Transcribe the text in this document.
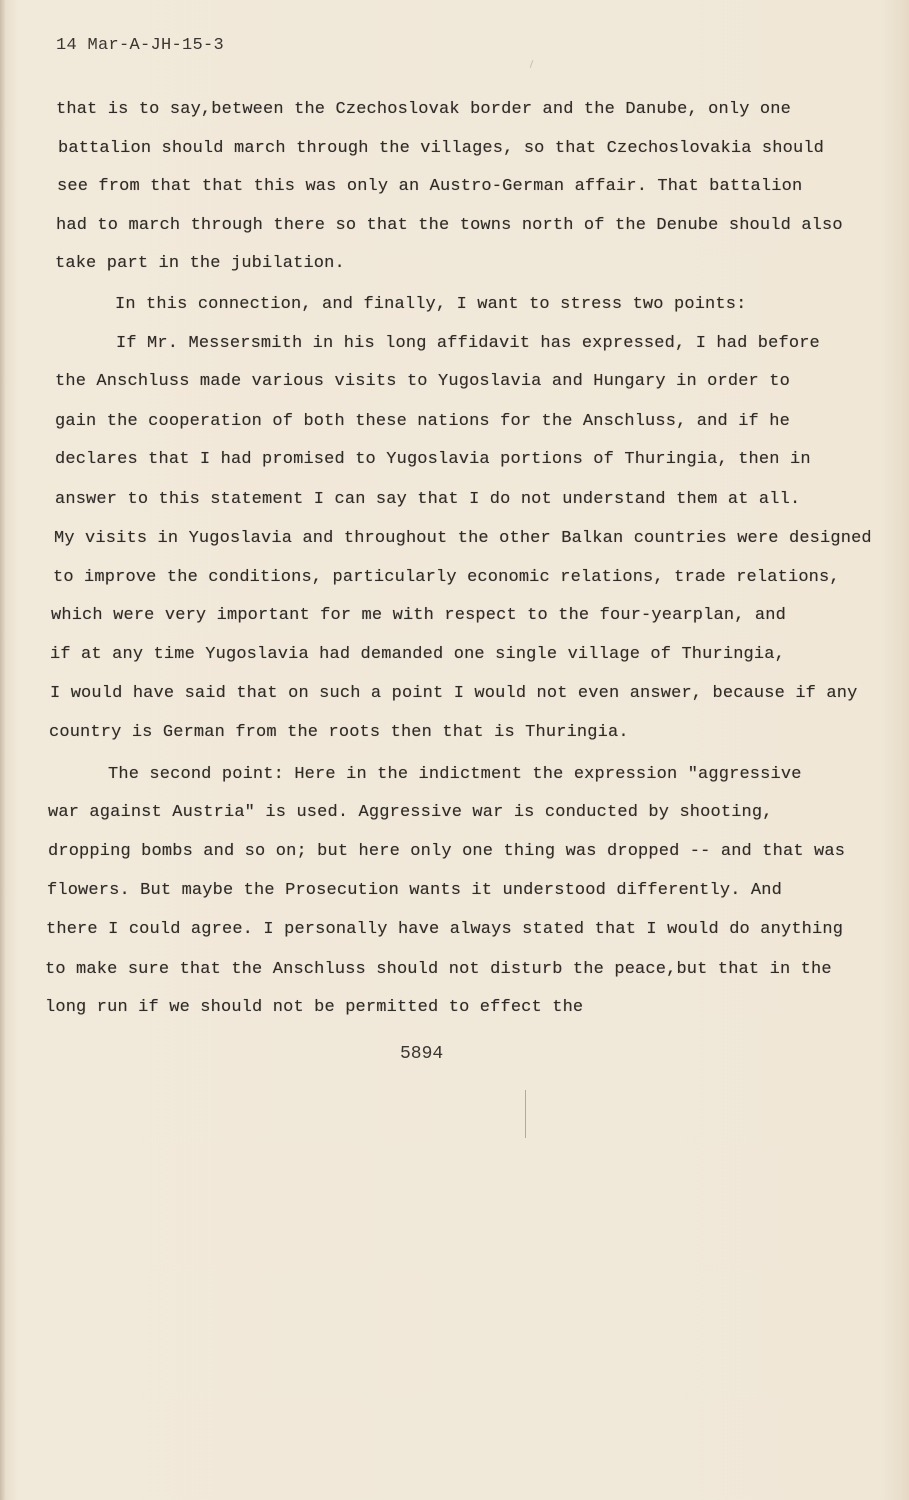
14 Mar-A-JH-15-3
that is to say,between the Czechoslovak border and the Danube, only one
battalion should march through the villages, so that Czechoslovakia should
see from that that this was only an Austro-German affair. That battalion
had to march through there so that the towns north of the Denube should also
take part in the jubilation.
In this connection, and finally, I want to stress two points:
If Mr. Messersmith in his long affidavit has expressed, I had before
the Anschluss made various visits to Yugoslavia and Hungary in order to
gain the cooperation of both these nations for the Anschluss, and if he
declares that I had promised to Yugoslavia portions of Thuringia, then in
answer to this statement I can say that I do not understand them at all.
My visits in Yugoslavia and throughout the other Balkan countries were designed
to improve the conditions, particularly economic relations, trade relations,
which were very important for me with respect to the four-yearplan, and
if at any time Yugoslavia had demanded one single village of Thuringia,
I would have said that on such a point I would not even answer, because if any
country is German from the roots then that is Thuringia.
The second point: Here in the indictment the expression "aggressive
war against Austria" is used. Aggressive war is conducted by shooting,
dropping bombs and so on; but here only one thing was dropped -- and that was
flowers. But maybe the Prosecution wants it understood differently. And
there I could agree. I personally have always stated that I would do anything
to make sure that the Anschluss should not disturb the peace,but that in the
long run if we should not be permitted to effect the
5894
